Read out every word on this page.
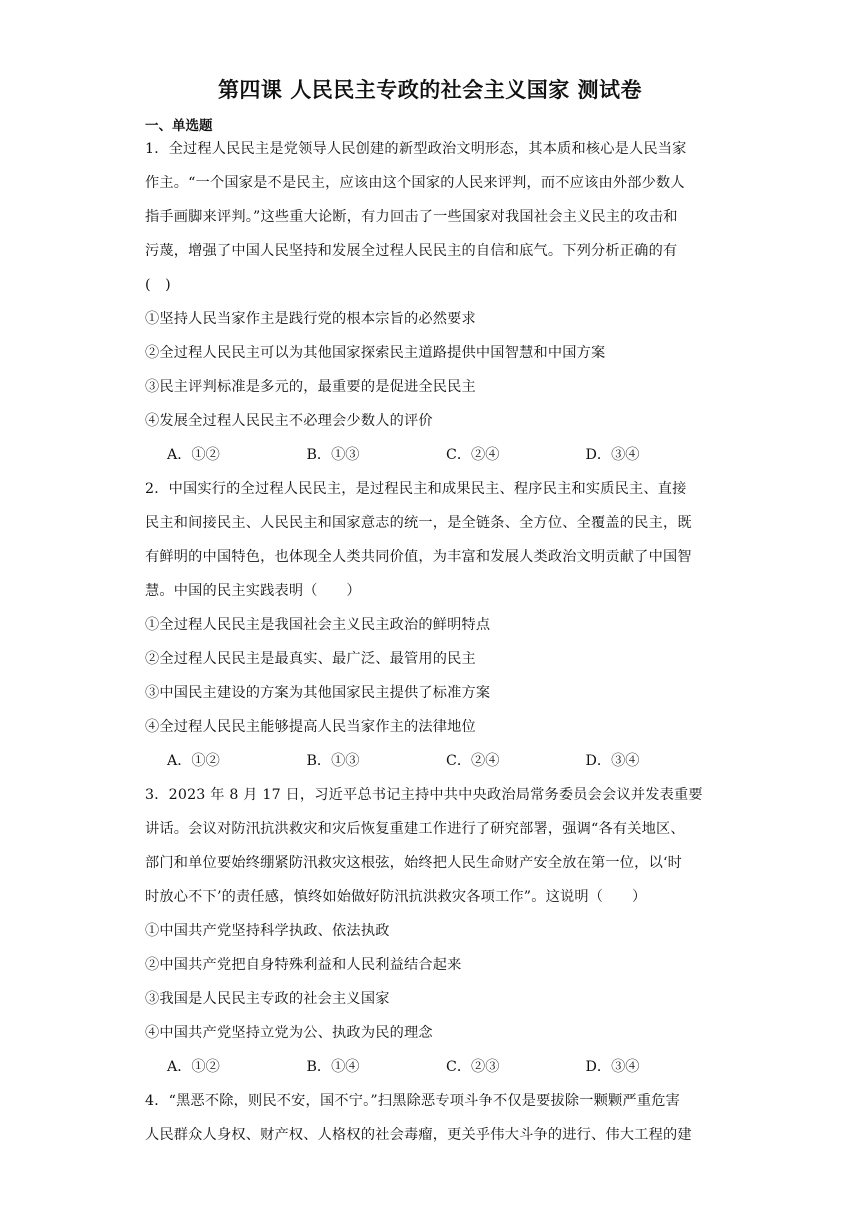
第四课 人民民主专政的社会主义国家 测试卷
一、单选题
1．全过程人民民主是党领导人民创建的新型政治文明形态，其本质和核心是人民当家
作主。“一个国家是不是民主，应该由这个国家的人民来评判，而不应该由外部少数人
指手画脚来评判。”这些重大论断，有力回击了一些国家对我国社会主义民主的攻击和
污蔑，增强了中国人民坚持和发展全过程人民民主的自信和底气。下列分析正确的有
(　)
①坚持人民当家作主是践行党的根本宗旨的必然要求
②全过程人民民主可以为其他国家探索民主道路提供中国智慧和中国方案
③民主评判标准是多元的，最重要的是促进全民民主
④发展全过程人民民主不必理会少数人的评价
A．①②	B．①③	C．②④	D．③④
2．中国实行的全过程人民民主，是过程民主和成果民主、程序民主和实质民主、直接
民主和间接民主、人民民主和国家意志的统一，是全链条、全方位、全覆盖的民主，既
有鲜明的中国特色，也体现全人类共同价值，为丰富和发展人类政治文明贡献了中国智
慧。中国的民主实践表明（　　）
①全过程人民民主是我国社会主义民主政治的鲜明特点
②全过程人民民主是最真实、最广泛、最管用的民主
③中国民主建设的方案为其他国家民主提供了标准方案
④全过程人民民主能够提高人民当家作主的法律地位
A．①②	B．①③	C．②④	D．③④
3．2023 年 8 月 17 日，习近平总书记主持中共中央政治局常务委员会会议并发表重要
讲话。会议对防汛抗洪救灾和灾后恢复重建工作进行了研究部署，强调“各有关地区、
部门和单位要始终绷紧防汛救灾这根弦，始终把人民生命财产安全放在第一位，以‘时
时放心不下’的责任感，慎终如始做好防汛抗洪救灾各项工作”。这说明（　　）
①中国共产党坚持科学执政、依法执政
②中国共产党把自身特殊利益和人民利益结合起来
③我国是人民民主专政的社会主义国家
④中国共产党坚持立党为公、执政为民的理念
A．①②	B．①④	C．②③	D．③④
4．“黑恶不除，则民不安，国不宁。”扫黑除恶专项斗争不仅是要拔除一颗颗严重危害
人民群众人身权、财产权、人格权的社会毒瘤，更关乎伟大斗争的进行、伟大工程的建
